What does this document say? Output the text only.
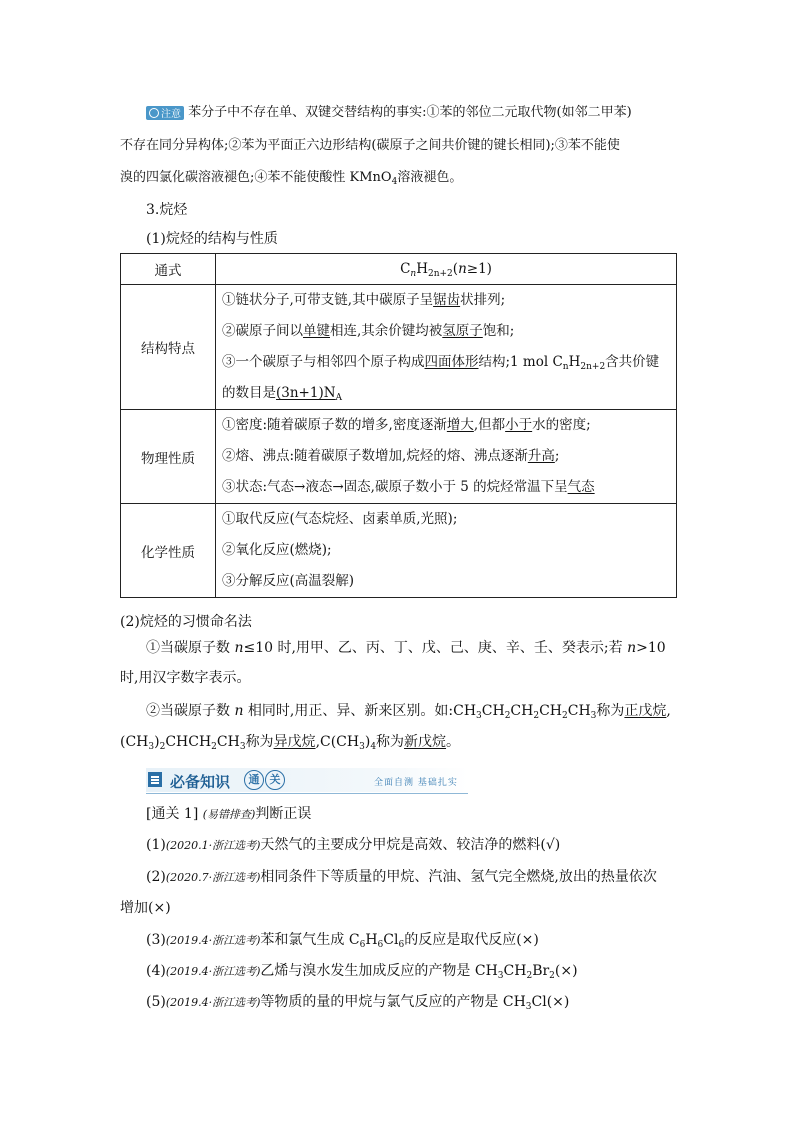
注意 苯分子中不存在单、双键交替结构的事实:①苯的邻位二元取代物(如邻二甲苯)
不存在同分异构体;②苯为平面正六边形结构(碳原子之间共价键的键长相同);③苯不能使
溴的四氯化碳溶液褪色;④苯不能使酸性 KMnO$_4$溶液褪色。
3.烷烃
(1)烷烃的结构与性质
通式	$C_nH_{2n+2}(n\ge 1)$
结构特点	①链状分子,可带支链,其中碳原子呈锯齿状排列;
②碳原子间以单键相连,其余价键均被氢原子饱和;
③一个碳原子与相邻四个原子构成四面体形结构;1 mol $C_nH_{2n+2}$含共价键
的数目是$(3n+1)N_A$

物理性质	①密度:随着碳原子数的增多,密度逐渐增大,但都小于水的密度;
②熔、沸点:随着碳原子数增加,烷烃的熔、沸点逐渐升高;
③状态:气态→液态→固态,碳原子数小于 5 的烷烃常温下呈气态

化学性质	①取代反应(气态烷烃、卤素单质,光照);
②氧化反应(燃烧);
③分解反应(高温裂解)
(2)烷烃的习惯命名法
①当碳原子数 n≤10 时,用甲、乙、丙、丁、戊、己、庚、辛、壬、癸表示;若 n>10
时,用汉字数字表示。
②当碳原子数 n 相同时,用正、异、新来区别。如$:CH_3CH_2CH_2CH_2CH_3$称为正戊烷,
$(CH_3)_2CHCH_2CH_3$称为异戊烷$,C(CH_3)_4$称为新戊烷。
必备知识	通 关	全面自测 基础扎实
[通关 1] (易错排查)判断正误
(1)(2020.1·浙江选考)天然气的主要成分甲烷是高效、较洁净的燃料(√)
(2)(2020.7·浙江选考)相同条件下等质量的甲烷、汽油、氢气完全燃烧,放出的热量依次
增加(×)
(3)(2019.4·浙江选考)苯和氯气生成 $C_6H_6Cl_6$的反应是取代反应(×)
(4)(2019.4·浙江选考)乙烯与溴水发生加成反应的产物是 $CH_3CH_2Br_2(\times)$
(5)(2019.4·浙江选考)等物质的量的甲烷与氯气反应的产物是 $CH_3Cl(\times)$
